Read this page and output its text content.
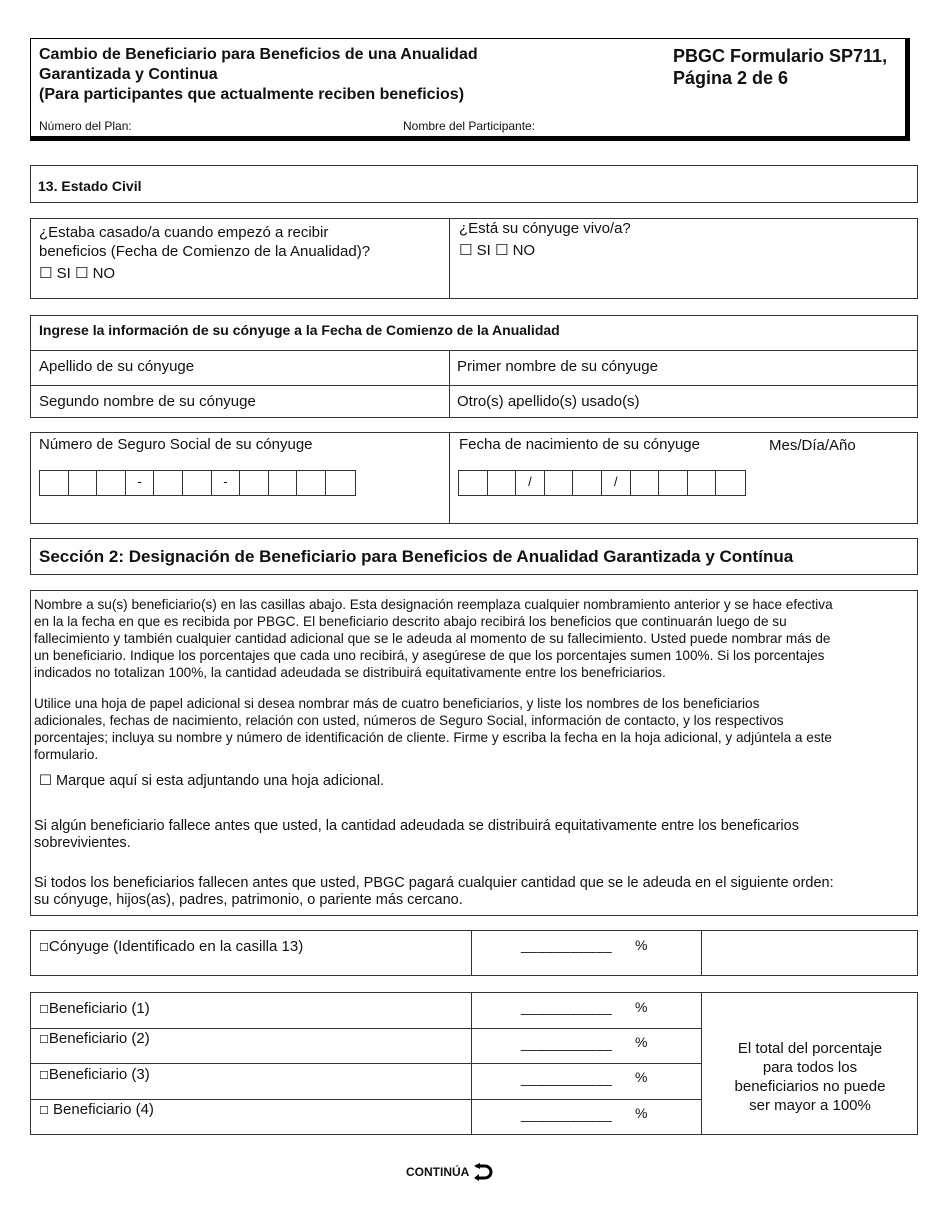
Cambio de Beneficiario para Beneficios de una Anualidad
Garantizada y Continua
(Para participantes que actualmente reciben beneficios)
PBGC Formulario SP711,
Página 2 de 6
Número del Plan:	Nombre del Participante:
13. Estado Civil
¿Estaba casado/a cuando empezó a recibir
beneficios (Fecha de Comienzo de la Anualidad)?
☐ SI ☐ NO
¿Está su cónyuge vivo/a?
☐ SI ☐ NO
Ingrese la información de su cónyuge a la Fecha de Comienzo de la Anualidad
Apellido de su cónyuge	Primer nombre de su cónyuge
Segundo nombre de su cónyuge	Otro(s) apellido(s) usado(s)
Número de Seguro Social de su cónyuge
-	-
Fecha de nacimiento de su cónyuge	Mes/Día/Año
/	/
Sección 2: Designación de Beneficiario para Beneficios de Anualidad Garantizada y Contínua
Nombre a su(s) beneficiario(s) en las casillas abajo. Esta designación reemplaza cualquier nombramiento anterior y se hace efectiva
en la la fecha en que es recibida por PBGC. El beneficiario descrito abajo recibirá los beneficios que continuarán luego de su
fallecimiento y también cualquier cantidad adicional que se le adeuda al momento de su fallecimiento. Usted puede nombrar más de
un beneficiario. Indique los porcentajes que cada uno recibirá, y asegúrese de que los porcentajes sumen 100%. Si los porcentajes
indicados no totalizan 100%, la cantidad adeudada se distribuirá equitativamente entre los benefriciarios.
Utilice una hoja de papel adicional si desea nombrar más de cuatro beneficiarios, y liste los nombres de los beneficiarios
adicionales, fechas de nacimiento, relación con usted, números de Seguro Social, información de contacto, y los respectivos
porcentajes; incluya su nombre y número de identificación de cliente. Firme y escriba la fecha en la hoja adicional, y adjúntela a este
formulario.
☐ Marque aquí si esta adjuntando una hoja adicional.
Si algún beneficiario fallece antes que usted, la cantidad adeudada se distribuirá equitativamente entre los beneficarios
sobrevivientes.
Si todos los beneficiarios fallecen antes que usted, PBGC pagará cualquier cantidad que se le adeuda en el siguiente orden:
su cónyuge, hijos(as), padres, patrimonio, o pariente más cercano.
☐Cónyuge (Identificado en la casilla 13)	___________ %
☐Beneficiario (1)	___________ %
☐Beneficiario (2)	___________ %
☐Beneficiario (3)	___________ %
☐ Beneficiario (4)	___________ %
El total del porcentaje
para todos los
beneficiarios no puede
ser mayor a 100%
CONTINÚA
